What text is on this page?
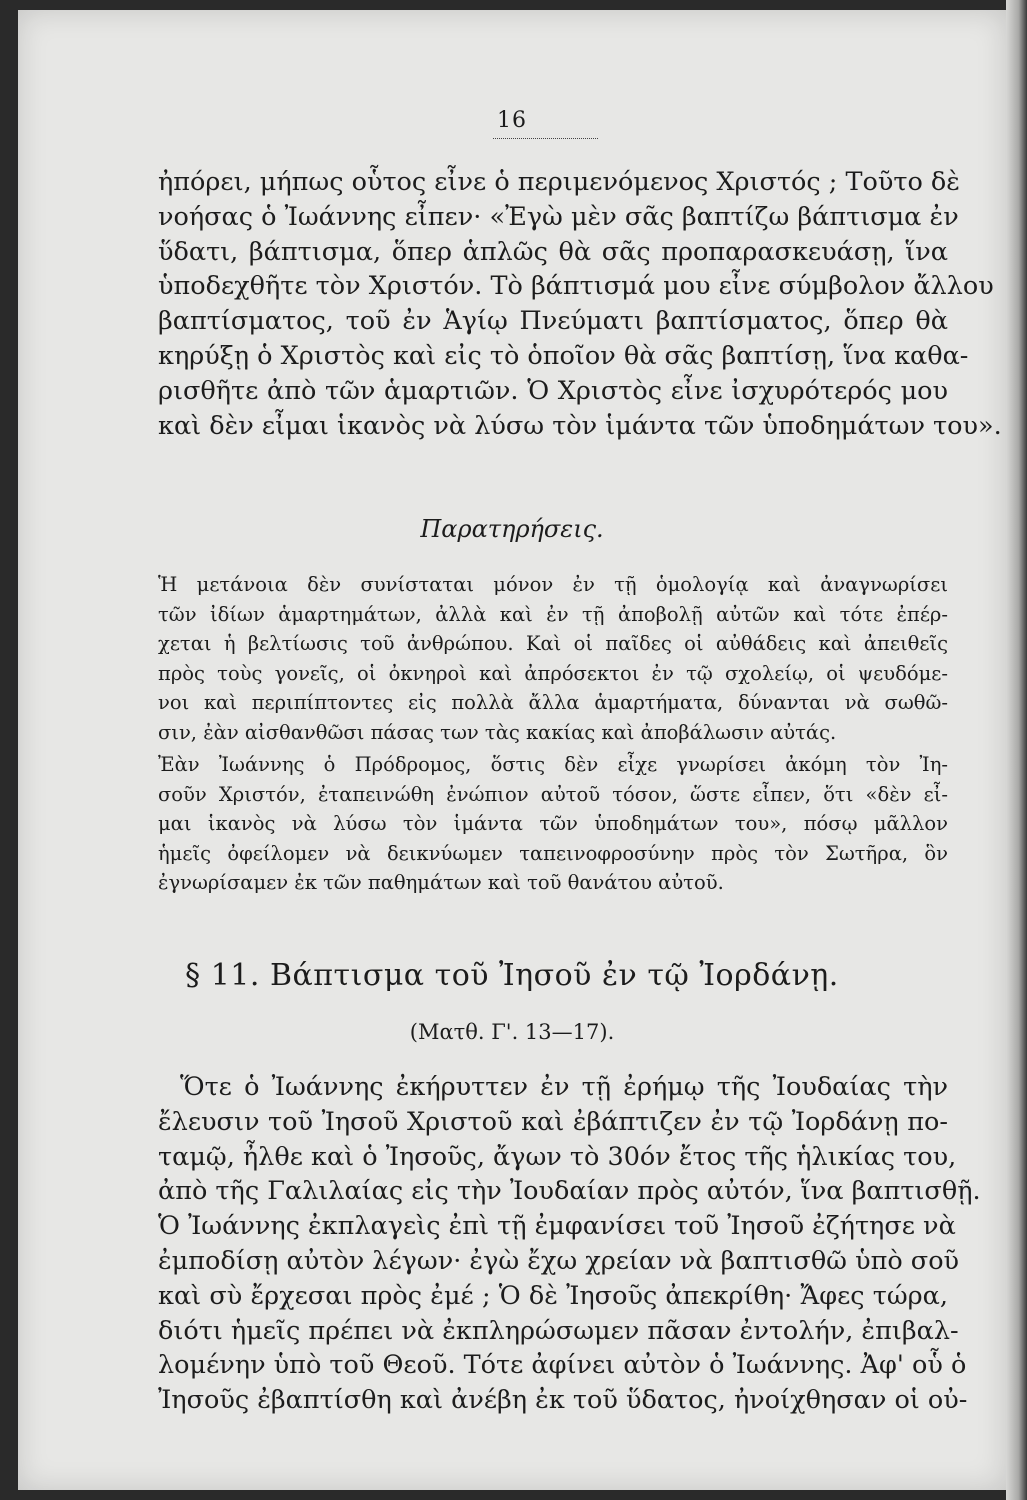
16
ἠπόρει, μήπως οὗτος εἶνε ὁ περιμενόμενος Χριστός ; Τοῦτο δὲ
νοήσας ὁ Ἰωάννης εἶπεν· «Ἐγὼ μὲν σᾶς βαπτίζω βάπτισμα ἐν
ὕδατι, βάπτισμα, ὅπερ ἁπλῶς θὰ σᾶς προπαρασκευάσῃ, ἵνα
ὑποδεχθῆτε τὸν Χριστόν. Τὸ βάπτισμά μου εἶνε σύμβολον ἄλλου
βαπτίσματος, τοῦ ἐν Ἁγίῳ Πνεύματι βαπτίσματος, ὅπερ θὰ
κηρύξῃ ὁ Χριστὸς καὶ εἰς τὸ ὁποῖον θὰ σᾶς βαπτίσῃ, ἵνα καθα-
ρισθῆτε ἀπὸ τῶν ἁμαρτιῶν. Ὁ Χριστὸς εἶνε ἰσχυρότερός μου
καὶ δὲν εἶμαι ἱκανὸς νὰ λύσω τὸν ἱμάντα τῶν ὑποδημάτων του».
Παρατηρήσεις.
Ἡ μετάνοια δὲν συνίσταται μόνον ἐν τῇ ὁμολογίᾳ καὶ ἀναγνωρίσει
τῶν ἰδίων ἁμαρτημάτων, ἀλλὰ καὶ ἐν τῇ ἀποβολῇ αὐτῶν καὶ τότε ἐπέρ-
χεται ἡ βελτίωσις τοῦ ἀνθρώπου. Καὶ οἱ παῖδες οἱ αὐθάδεις καὶ ἀπειθεῖς
πρὸς τοὺς γονεῖς, οἱ ὀκνηροὶ καὶ ἀπρόσεκτοι ἐν τῷ σχολείῳ, οἱ ψευδόμε-
νοι καὶ περιπίπτοντες εἰς πολλὰ ἄλλα ἁμαρτήματα, δύνανται νὰ σωθῶ-
σιν, ἐὰν αἰσθανθῶσι πάσας των τὰς κακίας καὶ ἀποβάλωσιν αὐτάς.
Ἐὰν Ἰωάννης ὁ Πρόδρομος, ὅστις δὲν εἶχε γνωρίσει ἀκόμη τὸν Ἰη-
σοῦν Χριστόν, ἐταπεινώθη ἐνώπιον αὐτοῦ τόσον, ὥστε εἶπεν, ὅτι «δὲν εἶ-
μαι ἱκανὸς νὰ λύσω τὸν ἱμάντα τῶν ὑποδημάτων του», πόσῳ μᾶλλον
ἡμεῖς ὀφείλομεν νὰ δεικνύωμεν ταπεινοφροσύνην πρὸς τὸν Σωτῆρα, ὃν
ἐγνωρίσαμεν ἐκ τῶν παθημάτων καὶ τοῦ θανάτου αὐτοῦ.
§ 11. Βάπτισμα τοῦ Ἰησοῦ ἐν τῷ Ἰορδάνῃ.
(Ματθ. Γ'. 13—17).
Ὅτε ὁ Ἰωάννης ἐκήρυττεν ἐν τῇ ἐρήμῳ τῆς Ἰουδαίας τὴν
ἔλευσιν τοῦ Ἰησοῦ Χριστοῦ καὶ ἐβάπτιζεν ἐν τῷ Ἰορδάνῃ πο-
ταμῷ, ἦλθε καὶ ὁ Ἰησοῦς, ἄγων τὸ 30όν ἔτος τῆς ἡλικίας του,
ἀπὸ τῆς Γαλιλαίας εἰς τὴν Ἰουδαίαν πρὸς αὐτόν, ἵνα βαπτισθῇ.
Ὁ Ἰωάννης ἐκπλαγεὶς ἐπὶ τῇ ἐμφανίσει τοῦ Ἰησοῦ ἐζήτησε νὰ
ἐμποδίσῃ αὐτὸν λέγων· ἐγὼ ἔχω χρείαν νὰ βαπτισθῶ ὑπὸ σοῦ
καὶ σὺ ἔρχεσαι πρὸς ἐμέ ; Ὁ δὲ Ἰησοῦς ἀπεκρίθη· Ἄφες τώρα,
διότι ἡμεῖς πρέπει νὰ ἐκπληρώσωμεν πᾶσαν ἐντολήν, ἐπιβαλ-
λομένην ὑπὸ τοῦ Θεοῦ. Τότε ἀφίνει αὐτὸν ὁ Ἰωάννης. Ἀφ' οὗ ὁ
Ἰησοῦς ἐβαπτίσθη καὶ ἀνέβη ἐκ τοῦ ὕδατος, ἠνοίχθησαν οἱ οὐ-
